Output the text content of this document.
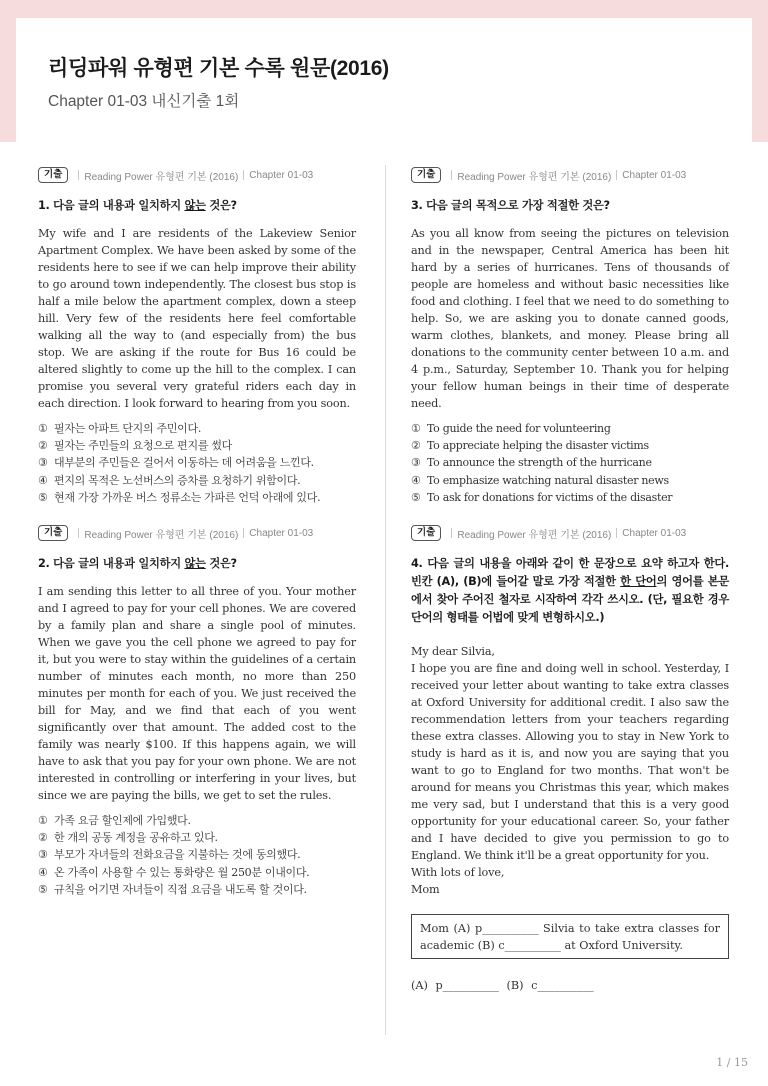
리딩파워 유형편 기본 수록 원문(2016)
Chapter 01-03 내신기출 1회
기출	Reading Power 유형편 기본 (2016) Chapter 01-03
1. 다음 글의 내용과 일치하지 않는 것은?
My wife and I are residents of the Lakeview Senior Apartment Complex. We have been asked by some of the residents here to see if we can help improve their ability to go around town independently. The closest bus stop is half a mile below the apartment complex, down a steep hill. Very few of the residents here feel comfortable walking all the way to (and especially from) the bus stop. We are asking if the route for Bus 16 could be altered slightly to come up the hill to the complex. I can promise you several very grateful riders each day in each direction. I look forward to hearing from you soon.
① 필자는 아파트 단지의 주민이다.
② 필자는 주민들의 요청으로 편지를 썼다
③ 대부분의 주민들은 걸어서 이동하는 데 어려움을 느낀다.
④ 편지의 목적은 노선버스의 증차를 요청하기 위함이다.
⑤ 현재 가장 가까운 버스 정류소는 가파른 언덕 아래에 있다.
기출	Reading Power 유형편 기본 (2016) Chapter 01-03
2. 다음 글의 내용과 일치하지 않는 것은?
I am sending this letter to all three of you. Your mother and I agreed to pay for your cell phones. We are covered by a family plan and share a single pool of minutes. When we gave you the cell phone we agreed to pay for it, but you were to stay within the guidelines of a certain number of minutes each month, no more than 250 minutes per month for each of you. We just received the bill for May, and we find that each of you went significantly over that amount. The added cost to the family was nearly $100. If this happens again, we will have to ask that you pay for your own phone. We are not interested in controlling or interfering in your lives, but since we are paying the bills, we get to set the rules.
① 가족 요금 할인제에 가입했다.
② 한 개의 공동 계정을 공유하고 있다.
③ 부모가 자녀들의 전화요금을 지불하는 것에 동의했다.
④ 온 가족이 사용할 수 있는 통화량은 월 250분 이내이다.
⑤ 규칙을 어기면 자녀들이 직접 요금을 내도록 할 것이다.
기출	Reading Power 유형편 기본 (2016) Chapter 01-03
3. 다음 글의 목적으로 가장 적절한 것은?
As you all know from seeing the pictures on television and in the newspaper, Central America has been hit hard by a series of hurricanes. Tens of thousands of people are homeless and without basic necessities like food and clothing. I feel that we need to do something to help. So, we are asking you to donate canned goods, warm clothes, blankets, and money. Please bring all donations to the community center between 10 a.m. and 4 p.m., Saturday, September 10. Thank you for helping your fellow human beings in their time of desperate need.
① To guide the need for volunteering
② To appreciate helping the disaster victims
③ To announce the strength of the hurricane
④ To emphasize watching natural disaster news
⑤ To ask for donations for victims of the disaster
기출	Reading Power 유형편 기본 (2016) Chapter 01-03
4. 다음 글의 내용을 아래와 같이 한 문장으로 요약 하고자 한다. 빈칸 (A), (B)에 들어갈 말로 가장 적절한 한 단어의 영어를 본문에서 찾아 주어진 철자로 시작하여 각각 쓰시오. (단, 필요한 경우 단어의 형태를 어법에 맞게 변형하시오.)
My dear Silvia,
I hope you are fine and doing well in school. Yesterday, I received your letter about wanting to take extra classes at Oxford University for additional credit. I also saw the recommendation letters from your teachers regarding these extra classes. Allowing you to stay in New York to study is hard as it is, and now you are saying that you want to go to England for two months. That won't be around for means you Christmas this year, which makes me very sad, but I understand that this is a very good opportunity for your educational career. So, your father and I have decided to give you permission to go to England. We think it'll be a great opportunity for you.
With lots of love,
Mom
Mom (A) p__________ Silvia to take extra classes for academic (B) c__________ at Oxford University.
(A) p__________ (B) c__________
1 / 15
